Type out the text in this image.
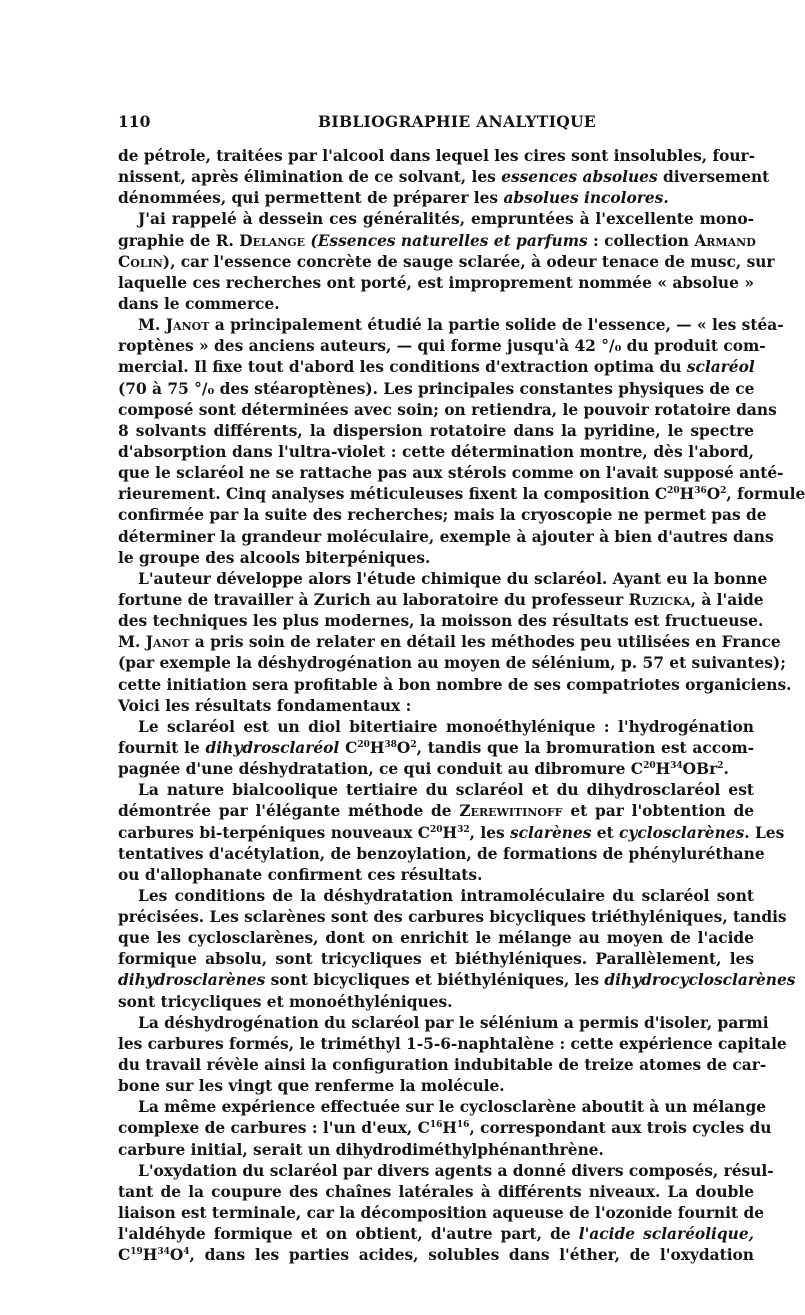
110	BIBLIOGRAPHIE ANALYTIQUE
de pétrole, traitées par l'alcool dans lequel les cires sont insolubles, four-
nissent, après élimination de ce solvant, les essences absolues diversement
dénommées, qui permettent de préparer les absolues incolores.
J'ai rappelé à dessein ces généralités, empruntées à l'excellente mono-
graphie de R. Delange (Essences naturelles et parfums : collection Armand
Colin), car l'essence concrète de sauge sclarée, à odeur tenace de musc, sur
laquelle ces recherches ont porté, est improprement nommée « absolue »
dans le commerce.
M. Janot a principalement étudié la partie solide de l'essence, — « les stéa-
roptènes » des anciens auteurs, — qui forme jusqu'à 42 °/₀ du produit com-
mercial. Il fixe tout d'abord les conditions d'extraction optima du sclaréol
(70 à 75 °/₀ des stéaroptènes). Les principales constantes physiques de ce
composé sont déterminées avec soin; on retiendra, le pouvoir rotatoire dans
8 solvants différents, la dispersion rotatoire dans la pyridine, le spectre
d'absorption dans l'ultra-violet : cette détermination montre, dès l'abord,
que le sclaréol ne se rattache pas aux stérols comme on l'avait supposé anté-
rieurement. Cinq analyses méticuleuses fixent la composition $C^{20}H^{36}O^2$, formule
confirmée par la suite des recherches; mais la cryoscopie ne permet pas de
déterminer la grandeur moléculaire, exemple à ajouter à bien d'autres dans
le groupe des alcools biterpéniques.
L'auteur développe alors l'étude chimique du sclaréol. Ayant eu la bonne
fortune de travailler à Zurich au laboratoire du professeur Ruzicka, à l'aide
des techniques les plus modernes, la moisson des résultats est fructueuse.
M. Janot a pris soin de relater en détail les méthodes peu utilisées en France
(par exemple la déshydrogénation au moyen de sélénium, p. 57 et suivantes);
cette initiation sera profitable à bon nombre de ses compatriotes organiciens.
Voici les résultats fondamentaux :
Le sclaréol est un diol bitertiaire monoéthylénique : l'hydrogénation
fournit le dihydrosclaréol $C^{20}H^{38}O^2$, tandis que la bromuration est accom-
pagnée d'une déshydratation, ce qui conduit au dibromure $C^{20}H^{34}OBr^2$.
La nature bialcoolique tertiaire du sclaréol et du dihydrosclaréol est
démontrée par l'élégante méthode de Zerewitinoff et par l'obtention de
carbures bi-terpéniques nouveaux $C^{20}H^{32}$, les sclarènes et cyclosclarènes. Les
tentatives d'acétylation, de benzoylation, de formations de phényluréthane
ou d'allophanate confirment ces résultats.
Les conditions de la déshydratation intramoléculaire du sclaréol sont
précisées. Les sclarènes sont des carbures bicycliques triéthyléniques, tandis
que les cyclosclarènes, dont on enrichit le mélange au moyen de l'acide
formique absolu, sont tricycliques et biéthyléniques. Parallèlement, les
dihydrosclarènes sont bicycliques et biéthyléniques, les dihydrocyclosclarènes
sont tricycliques et monoéthyléniques.
La déshydrogénation du sclaréol par le sélénium a permis d'isoler, parmi
les carbures formés, le triméthyl 1-5-6-naphtalène : cette expérience capitale
du travail révèle ainsi la configuration indubitable de treize atomes de car-
bone sur les vingt que renferme la molécule.
La même expérience effectuée sur le cyclosclarène aboutit à un mélange
complexe de carbures : l'un d'eux, $C^{16}H^{16}$, correspondant aux trois cycles du
carbure initial, serait un dihydrodiméthylphénanthrène.
L'oxydation du sclaréol par divers agents a donné divers composés, résul-
tant de la coupure des chaînes latérales à différents niveaux. La double
liaison est terminale, car la décomposition aqueuse de l'ozonide fournit de
l'aldéhyde formique et on obtient, d'autre part, de l'acide sclaréolique,
$C^{19}H^{34}O^4$, dans les parties acides, solubles dans l'éther, de l'oxydation
